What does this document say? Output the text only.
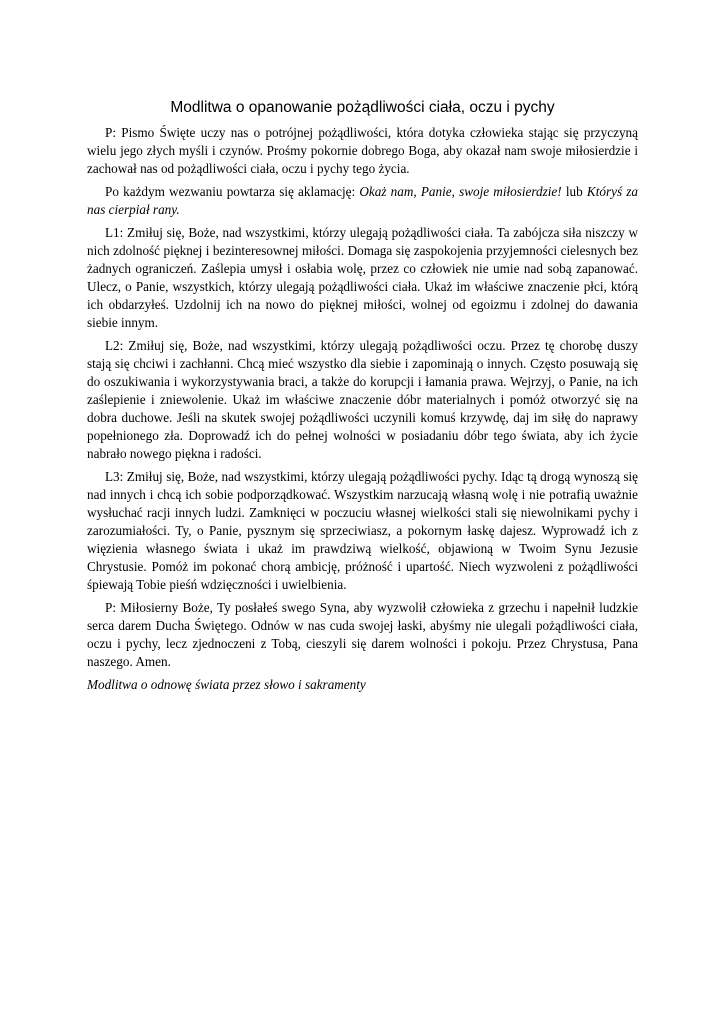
Modlitwa o opanowanie pożądliwości ciała, oczu i pychy

P: Pismo Święte uczy nas o potrójnej pożądliwości, która dotyka człowieka stając się przyczyną wielu jego złych myśli i czynów. Prośmy pokornie dobrego Boga, aby okazał nam swoje miłosierdzie i zachował nas od pożądliwości ciała, oczu i pychy tego życia.

Po każdym wezwaniu powtarza się aklamację: Okaż nam, Panie, swoje miłosierdzie! lub Któryś za nas cierpiał rany.

L1: Zmiłuj się, Boże, nad wszystkimi, którzy ulegają pożądliwości ciała. Ta zabójcza siła niszczy w nich zdolność pięknej i bezinteresownej miłości. Domaga się zaspokojenia przyjemności cielesnych bez żadnych ograniczeń. Zaślepia umysł i osłabia wolę, przez co człowiek nie umie nad sobą zapanować. Ulecz, o Panie, wszystkich, którzy ulegają pożądliwości ciała. Ukaż im właściwe znaczenie płci, którą ich obdarzyłeś. Uzdolnij ich na nowo do pięknej miłości, wolnej od egoizmu i zdolnej do dawania siebie innym.

L2: Zmiłuj się, Boże, nad wszystkimi, którzy ulegają pożądliwości oczu. Przez tę chorobę duszy stają się chciwi i zachłanni. Chcą mieć wszystko dla siebie i zapominają o innych. Często posuwają się do oszukiwania i wykorzystywania braci, a także do korupcji i łamania prawa. Wejrzyj, o Panie, na ich zaślepienie i zniewolenie. Ukaż im właściwe znaczenie dóbr materialnych i pomóż otworzyć się na dobra duchowe. Jeśli na skutek swojej pożądliwości uczynili komuś krzywdę, daj im siłę do naprawy popełnionego zła. Doprowadź ich do pełnej wolności w posiadaniu dóbr tego świata, aby ich życie nabrało nowego piękna i radości.

L3: Zmiłuj się, Boże, nad wszystkimi, którzy ulegają pożądliwości pychy. Idąc tą drogą wynoszą się nad innych i chcą ich sobie podporządkować. Wszystkim narzucają własną wolę i nie potrafią uważnie wysłuchać racji innych ludzi. Zamknięci w poczuciu własnej wielkości stali się niewolnikami pychy i zarozumiałości. Ty, o Panie, pysznym się sprzeciwiasz, a pokornym łaskę dajesz. Wyprowadź ich z więzienia własnego świata i ukaż im prawdziwą wielkość, objawioną w Twoim Synu Jezusie Chrystusie. Pomóż im pokonać chorą ambicję, próżność i upartość. Niech wyzwoleni z pożądliwości śpiewają Tobie pieśń wdzięczności i uwielbienia.

P: Miłosierny Boże, Ty posłałeś swego Syna, aby wyzwolił człowieka z grzechu i napełnił ludzkie serca darem Ducha Świętego. Odnów w nas cuda swojej łaski, abyśmy nie ulegali pożądliwości ciała, oczu i pychy, lecz zjednoczeni z Tobą, cieszyli się darem wolności i pokoju. Przez Chrystusa, Pana naszego. Amen.

Modlitwa o odnowę świata przez słowo i sakramenty
